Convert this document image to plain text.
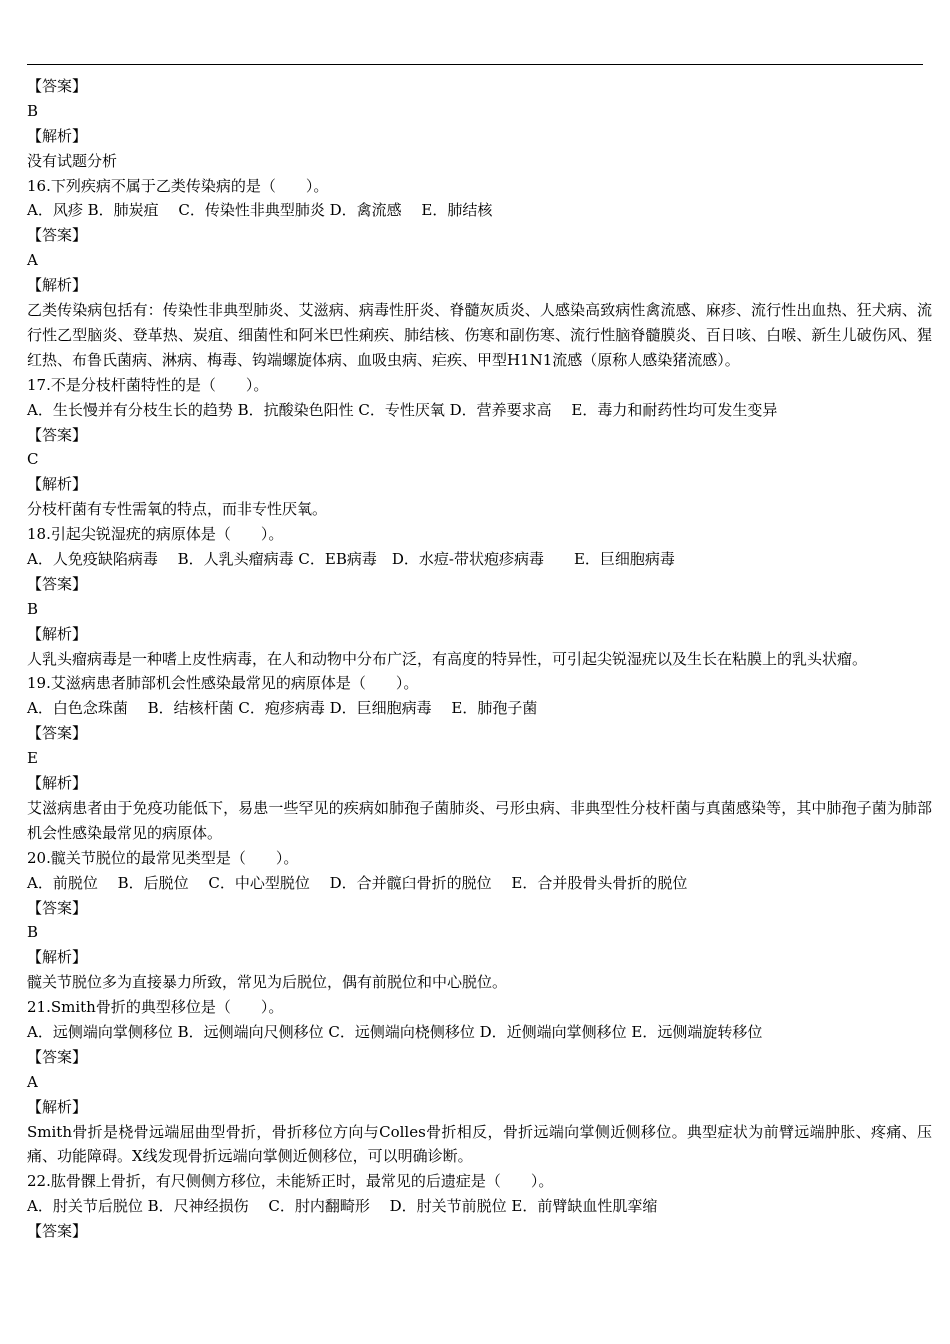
【答案】
B
【解析】
没有试题分析
16.下列疾病不属于乙类传染病的是（　　）。
A．风疹 B．肺炭疽　 C．传染性非典型肺炎 D．禽流感　 E．肺结核
【答案】
A
【解析】
乙类传染病包括有：传染性非典型肺炎、艾滋病、病毒性肝炎、脊髓灰质炎、人感染高致病性禽流感、麻疹、流行性出血热、狂犬病、流行性乙型脑炎、登革热、炭疽、细菌性和阿米巴性痢疾、肺结核、伤寒和副伤寒、流行性脑脊髓膜炎、百日咳、白喉、新生儿破伤风、猩红热、布鲁氏菌病、淋病、梅毒、钩端螺旋体病、血吸虫病、疟疾、甲型H1N1流感（原称人感染猪流感）。
17.不是分枝杆菌特性的是（　　）。
A．生长慢并有分枝生长的趋势 B．抗酸染色阳性 C．专性厌氧 D．营养要求高　 E．毒力和耐药性均可发生变异
【答案】
C
【解析】
分枝杆菌有专性需氧的特点，而非专性厌氧。
18.引起尖锐湿疣的病原体是（　　）。
A．人免疫缺陷病毒　 B．人乳头瘤病毒 C．EB病毒　D．水痘-带状疱疹病毒　　E．巨细胞病毒
【答案】
B
【解析】
人乳头瘤病毒是一种嗜上皮性病毒，在人和动物中分布广泛，有高度的特异性，可引起尖锐湿疣以及生长在粘膜上的乳头状瘤。
19.艾滋病患者肺部机会性感染最常见的病原体是（　　）。
A．白色念珠菌　 B．结核杆菌 C．疱疹病毒 D．巨细胞病毒　 E．肺孢子菌
【答案】
E
【解析】
艾滋病患者由于免疫功能低下，易患一些罕见的疾病如肺孢子菌肺炎、弓形虫病、非典型性分枝杆菌与真菌感染等，其中肺孢子菌为肺部机会性感染最常见的病原体。
20.髋关节脱位的最常见类型是（　　）。
A．前脱位　 B．后脱位　 C．中心型脱位　 D．合并髋臼骨折的脱位　 E．合并股骨头骨折的脱位
【答案】
B
【解析】
髋关节脱位多为直接暴力所致，常见为后脱位，偶有前脱位和中心脱位。
21.Smith骨折的典型移位是（　　）。
A．远侧端向掌侧移位 B．远侧端向尺侧移位 C．远侧端向桡侧移位 D．近侧端向掌侧移位 E．远侧端旋转移位
【答案】
A
【解析】
Smith骨折是桡骨远端屈曲型骨折，骨折移位方向与Colles骨折相反，骨折远端向掌侧近侧移位。典型症状为前臂远端肿胀、疼痛、压痛、功能障碍。X线发现骨折远端向掌侧近侧移位，可以明确诊断。
22.肱骨髁上骨折，有尺侧侧方移位，未能矫正时，最常见的后遗症是（　　）。
A．肘关节后脱位 B．尺神经损伤　 C．肘内翻畸形　 D．肘关节前脱位 E．前臂缺血性肌挛缩
【答案】
